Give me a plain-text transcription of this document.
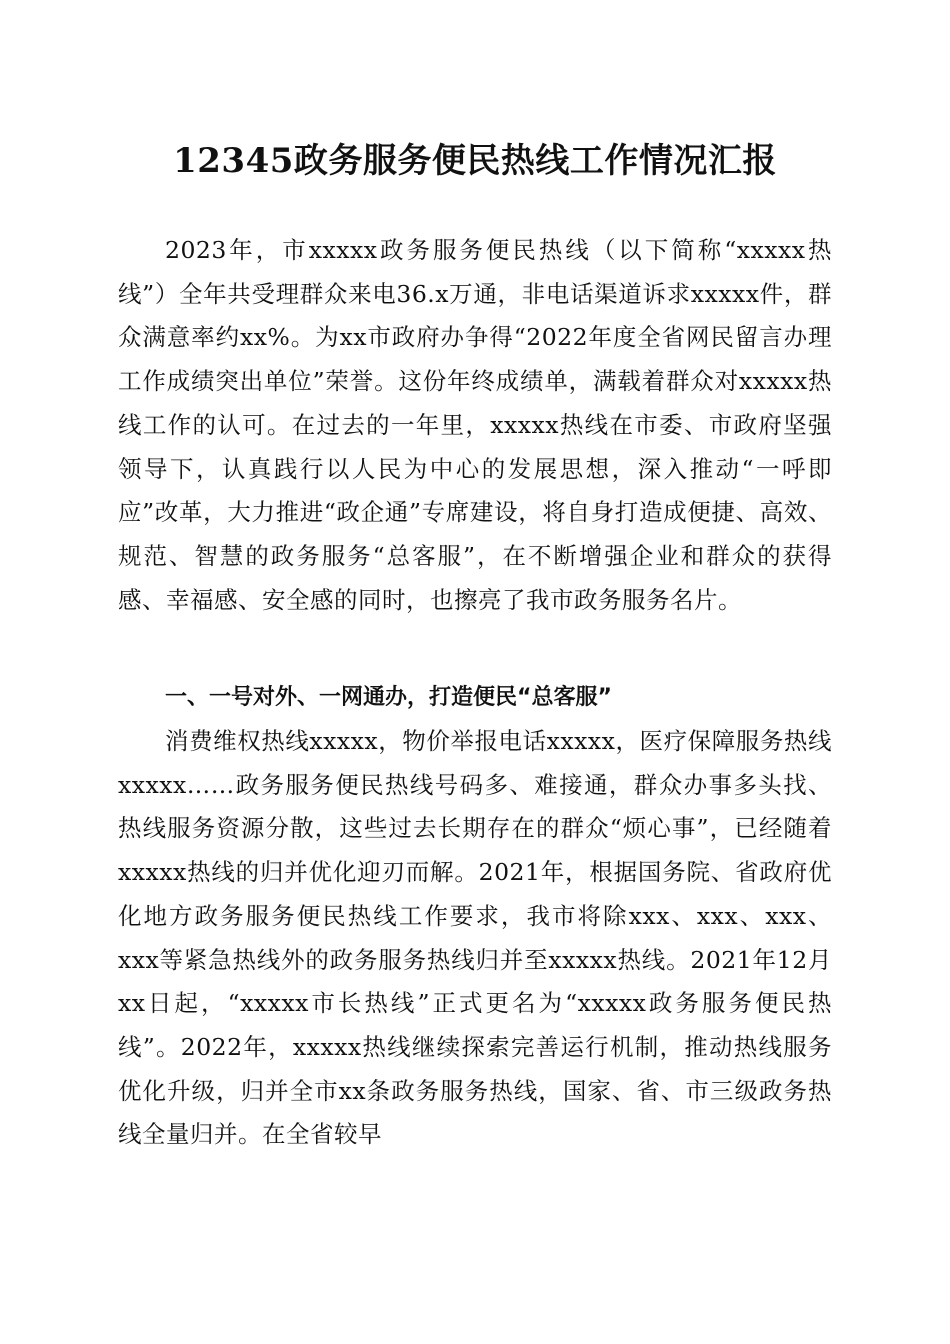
12345政务服务便民热线工作情况汇报

2023年，市xxxxx政务服务便民热线（以下简称“xxxxx热线”）全年共受理群众来电36.x万通，非电话渠道诉求xxxxx件，群众满意率约xx%。为xx市政府办争得“2022年度全省网民留言办理工作成绩突出单位”荣誉。这份年终成绩单，满载着群众对xxxxx热线工作的认可。在过去的一年里，xxxxx热线在市委、市政府坚强领导下，认真践行以人民为中心的发展思想，深入推动“一呼即应”改革，大力推进“政企通”专席建设，将自身打造成便捷、高效、规范、智慧的政务服务“总客服”，在不断增强企业和群众的获得感、幸福感、安全感的同时，也擦亮了我市政务服务名片。

一、一号对外、一网通办，打造便民“总客服”

消费维权热线xxxxx，物价举报电话xxxxx，医疗保障服务热线xxxxx……政务服务便民热线号码多、难接通，群众办事多头找、热线服务资源分散，这些过去长期存在的群众“烦心事”，已经随着xxxxx热线的归并优化迎刃而解。2021年，根据国务院、省政府优化地方政务服务便民热线工作要求，我市将除xxx、xxx、xxx、xxx等紧急热线外的政务服务热线归并至xxxxx热线。2021年12月xx日起，“xxxxx市长热线”正式更名为“xxxxx政务服务便民热线”。2022年，xxxxx热线继续探索完善运行机制，推动热线服务优化升级，归并全市xx条政务服务热线，国家、省、市三级政务热线全量归并。在全省较早
